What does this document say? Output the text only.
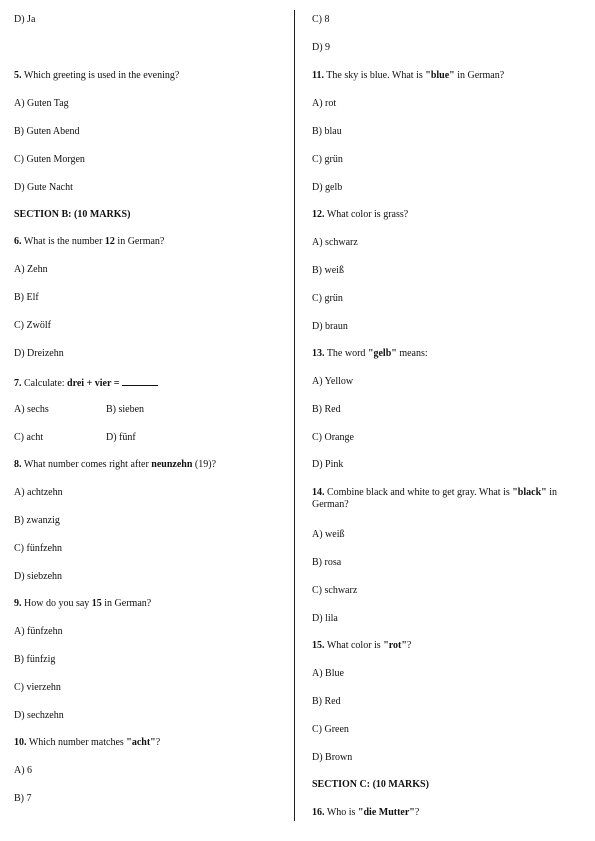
D) Ja
5. Which greeting is used in the evening?
A) Guten Tag
B) Guten Abend
C) Guten Morgen
D) Gute Nacht
SECTION B: (10 MARKS)
6. What is the number 12 in German?
A) Zehn
B) Elf
C) Zwölf
D) Dreizehn
7. Calculate: drei + vier =
A) sechs	B) sieben
C) acht	D) fünf
8. What number comes right after neunzehn (19)?
A) achtzehn
B) zwanzig
C) fünfzehn
D) siebzehn
9. How do you say 15 in German?
A) fünfzehn
B) fünfzig
C) vierzehn
D) sechzehn
10. Which number matches "acht"?
A) 6
B) 7
C) 8
D) 9
11. The sky is blue. What is "blue" in German?
A) rot
B) blau
C) grün
D) gelb
12. What color is grass?
A) schwarz
B) weiß
C) grün
D) braun
13. The word "gelb" means:
A) Yellow
B) Red
C) Orange
D) Pink
14. Combine black and white to get gray. What is "black" in German?
A) weiß
B) rosa
C) schwarz
D) lila
15. What color is "rot"?
A) Blue
B) Red
C) Green
D) Brown
SECTION C: (10 MARKS)
16. Who is "die Mutter"?
